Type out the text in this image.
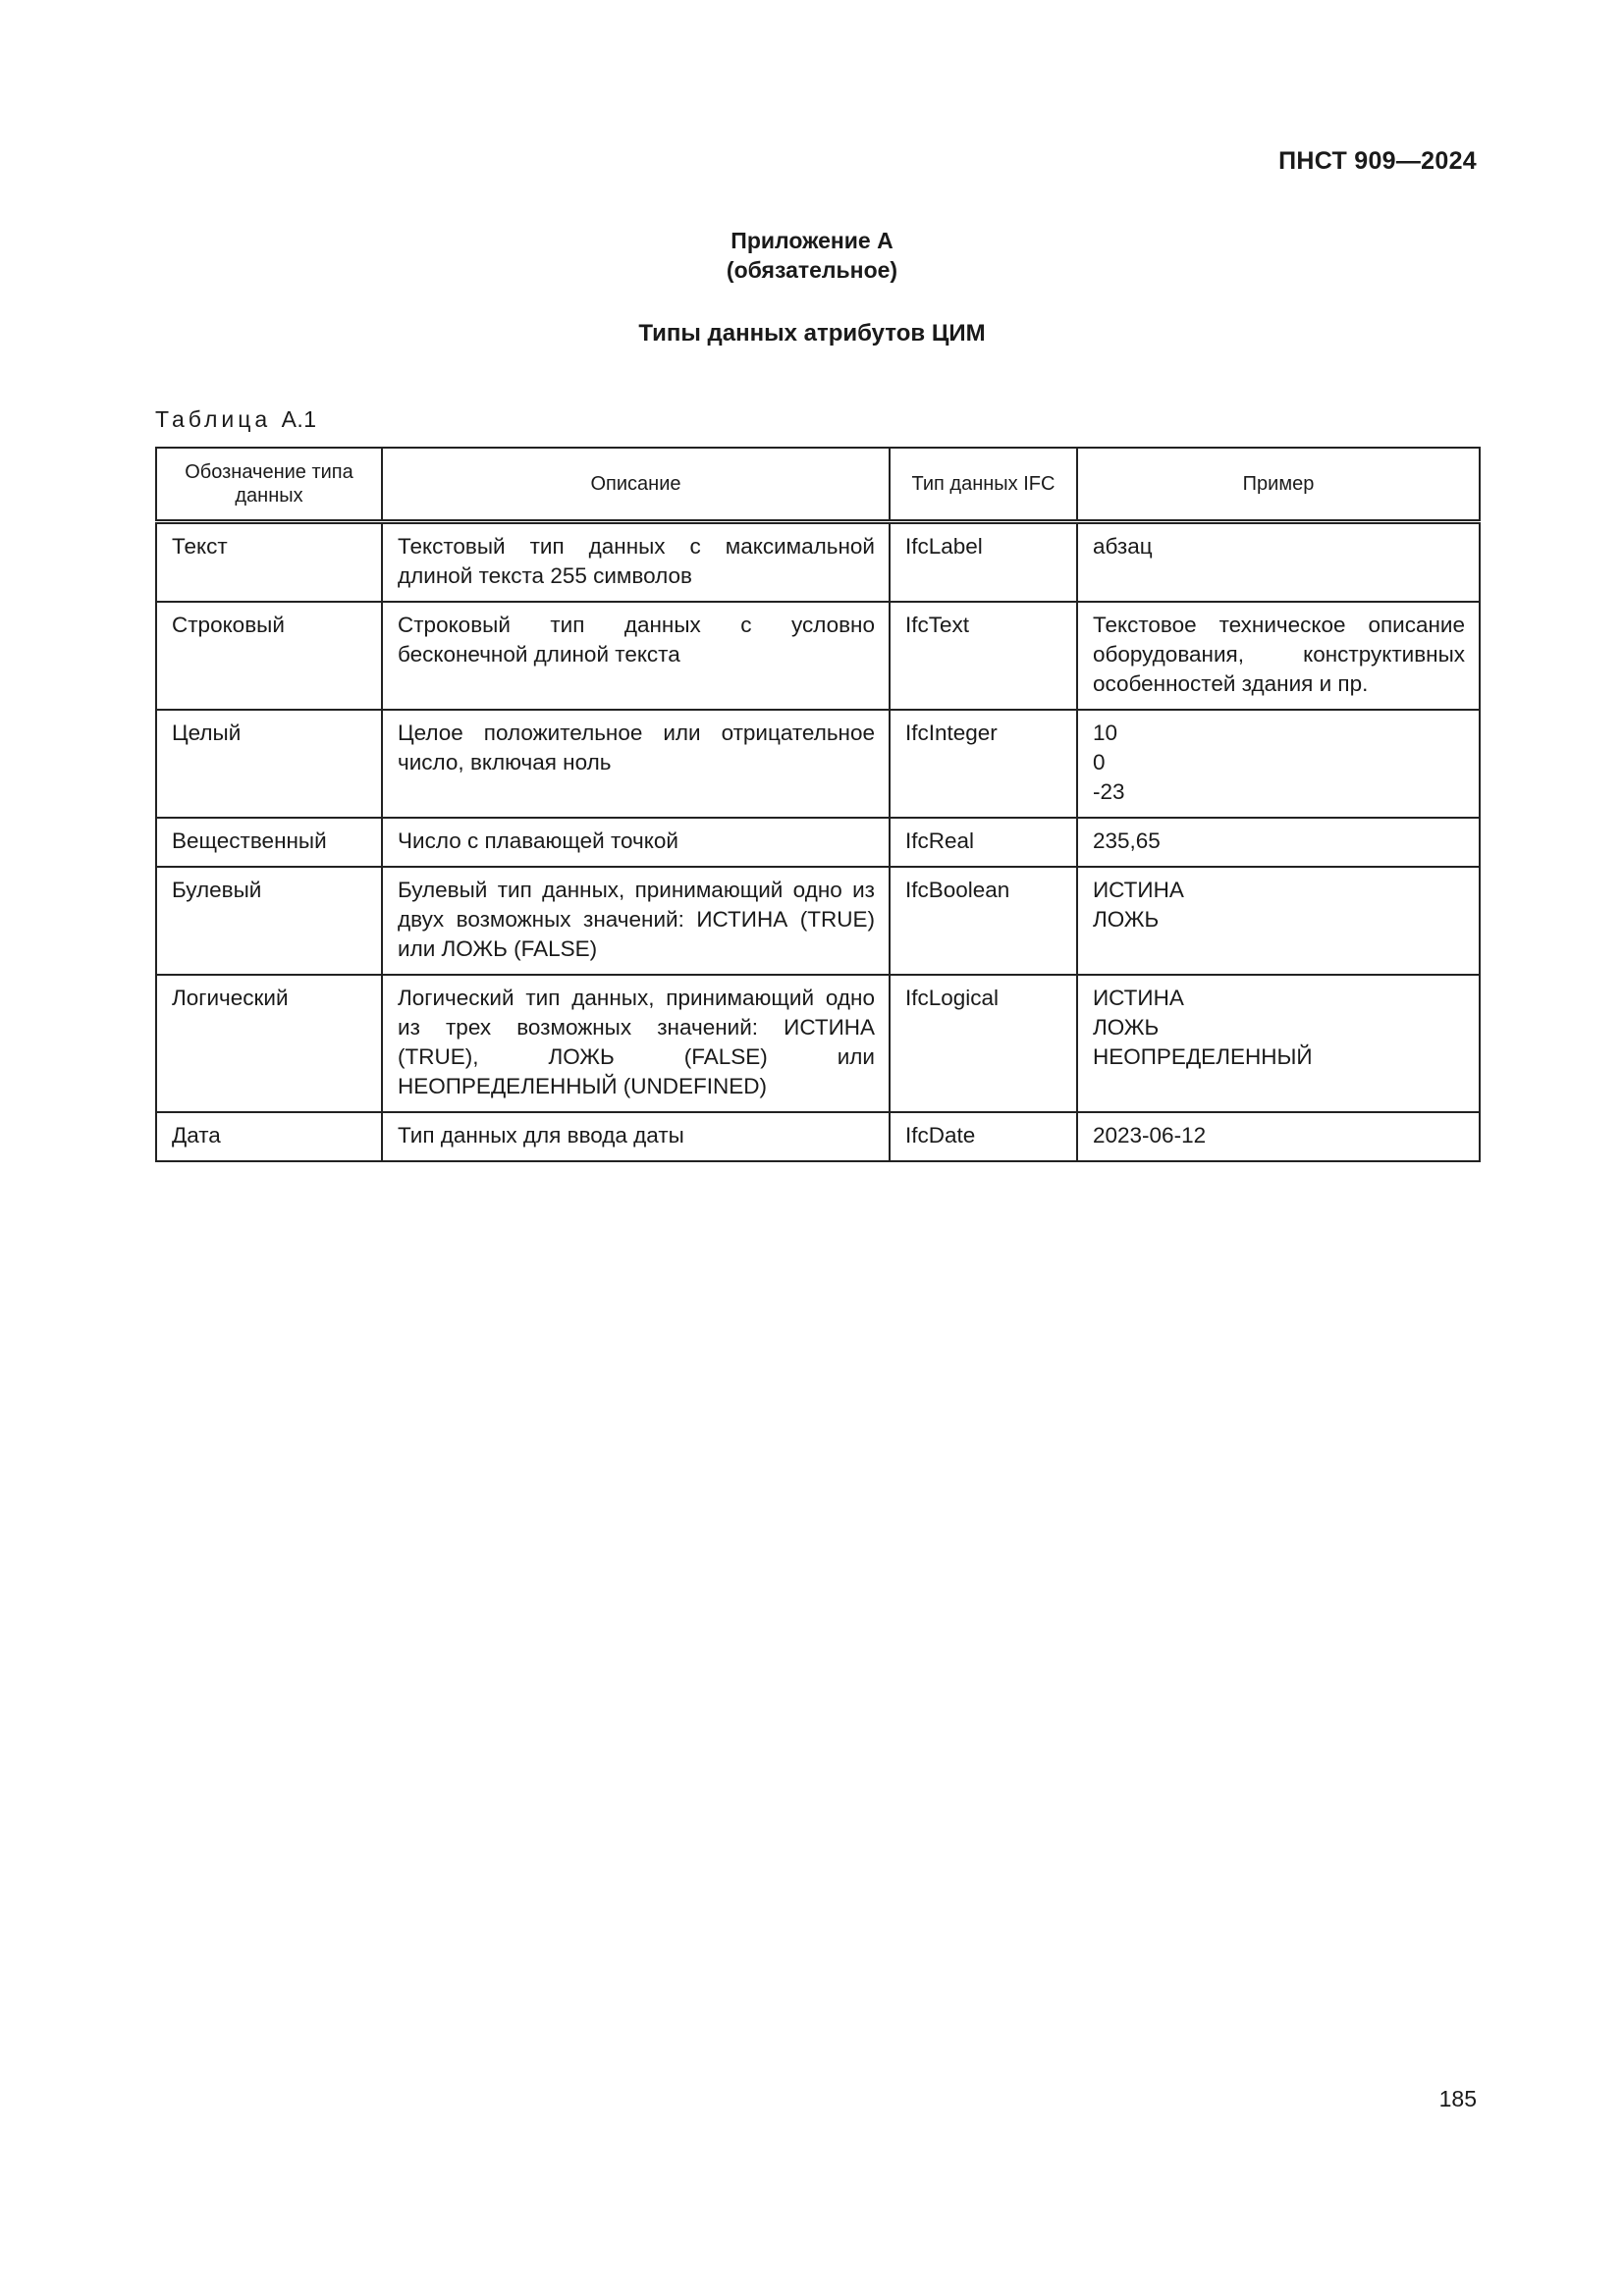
ПНСТ 909—2024
Приложение А
(обязательное)
Типы данных атрибутов ЦИМ
Таблица А.1
Обозначение типа данных	Описание	Тип данных IFC	Пример
Текст	Текстовый тип данных с максимальной длиной текста 255 символов	IfcLabel	абзац

Строковый	Строковый тип данных с условно бесконечной длиной текста	IfcText	Текстовое техническое описание оборудования, конструктивных особенностей здания и пр.

Целый	Целое положительное или отрицательное число, включая ноль	IfcInteger	10
0
-23

Вещественный	Число с плавающей точкой	IfcReal	235,65

Булевый	Булевый тип данных, принимающий одно из двух возможных значений: ИСТИНА (TRUE) или ЛОЖЬ (FALSE)	IfcBoolean	ИСТИНА
ЛОЖЬ

Логический	Логический тип данных, принимающий одно из трех возможных значений: ИСТИНА (TRUE), ЛОЖЬ (FALSE) или НЕОПРЕДЕЛЕННЫЙ (UNDEFINED)	IfcLogical	ИСТИНА
ЛОЖЬ
НЕОПРЕДЕЛЕННЫЙ

Дата	Тип данных для ввода даты	IfcDate	2023-06-12
185
